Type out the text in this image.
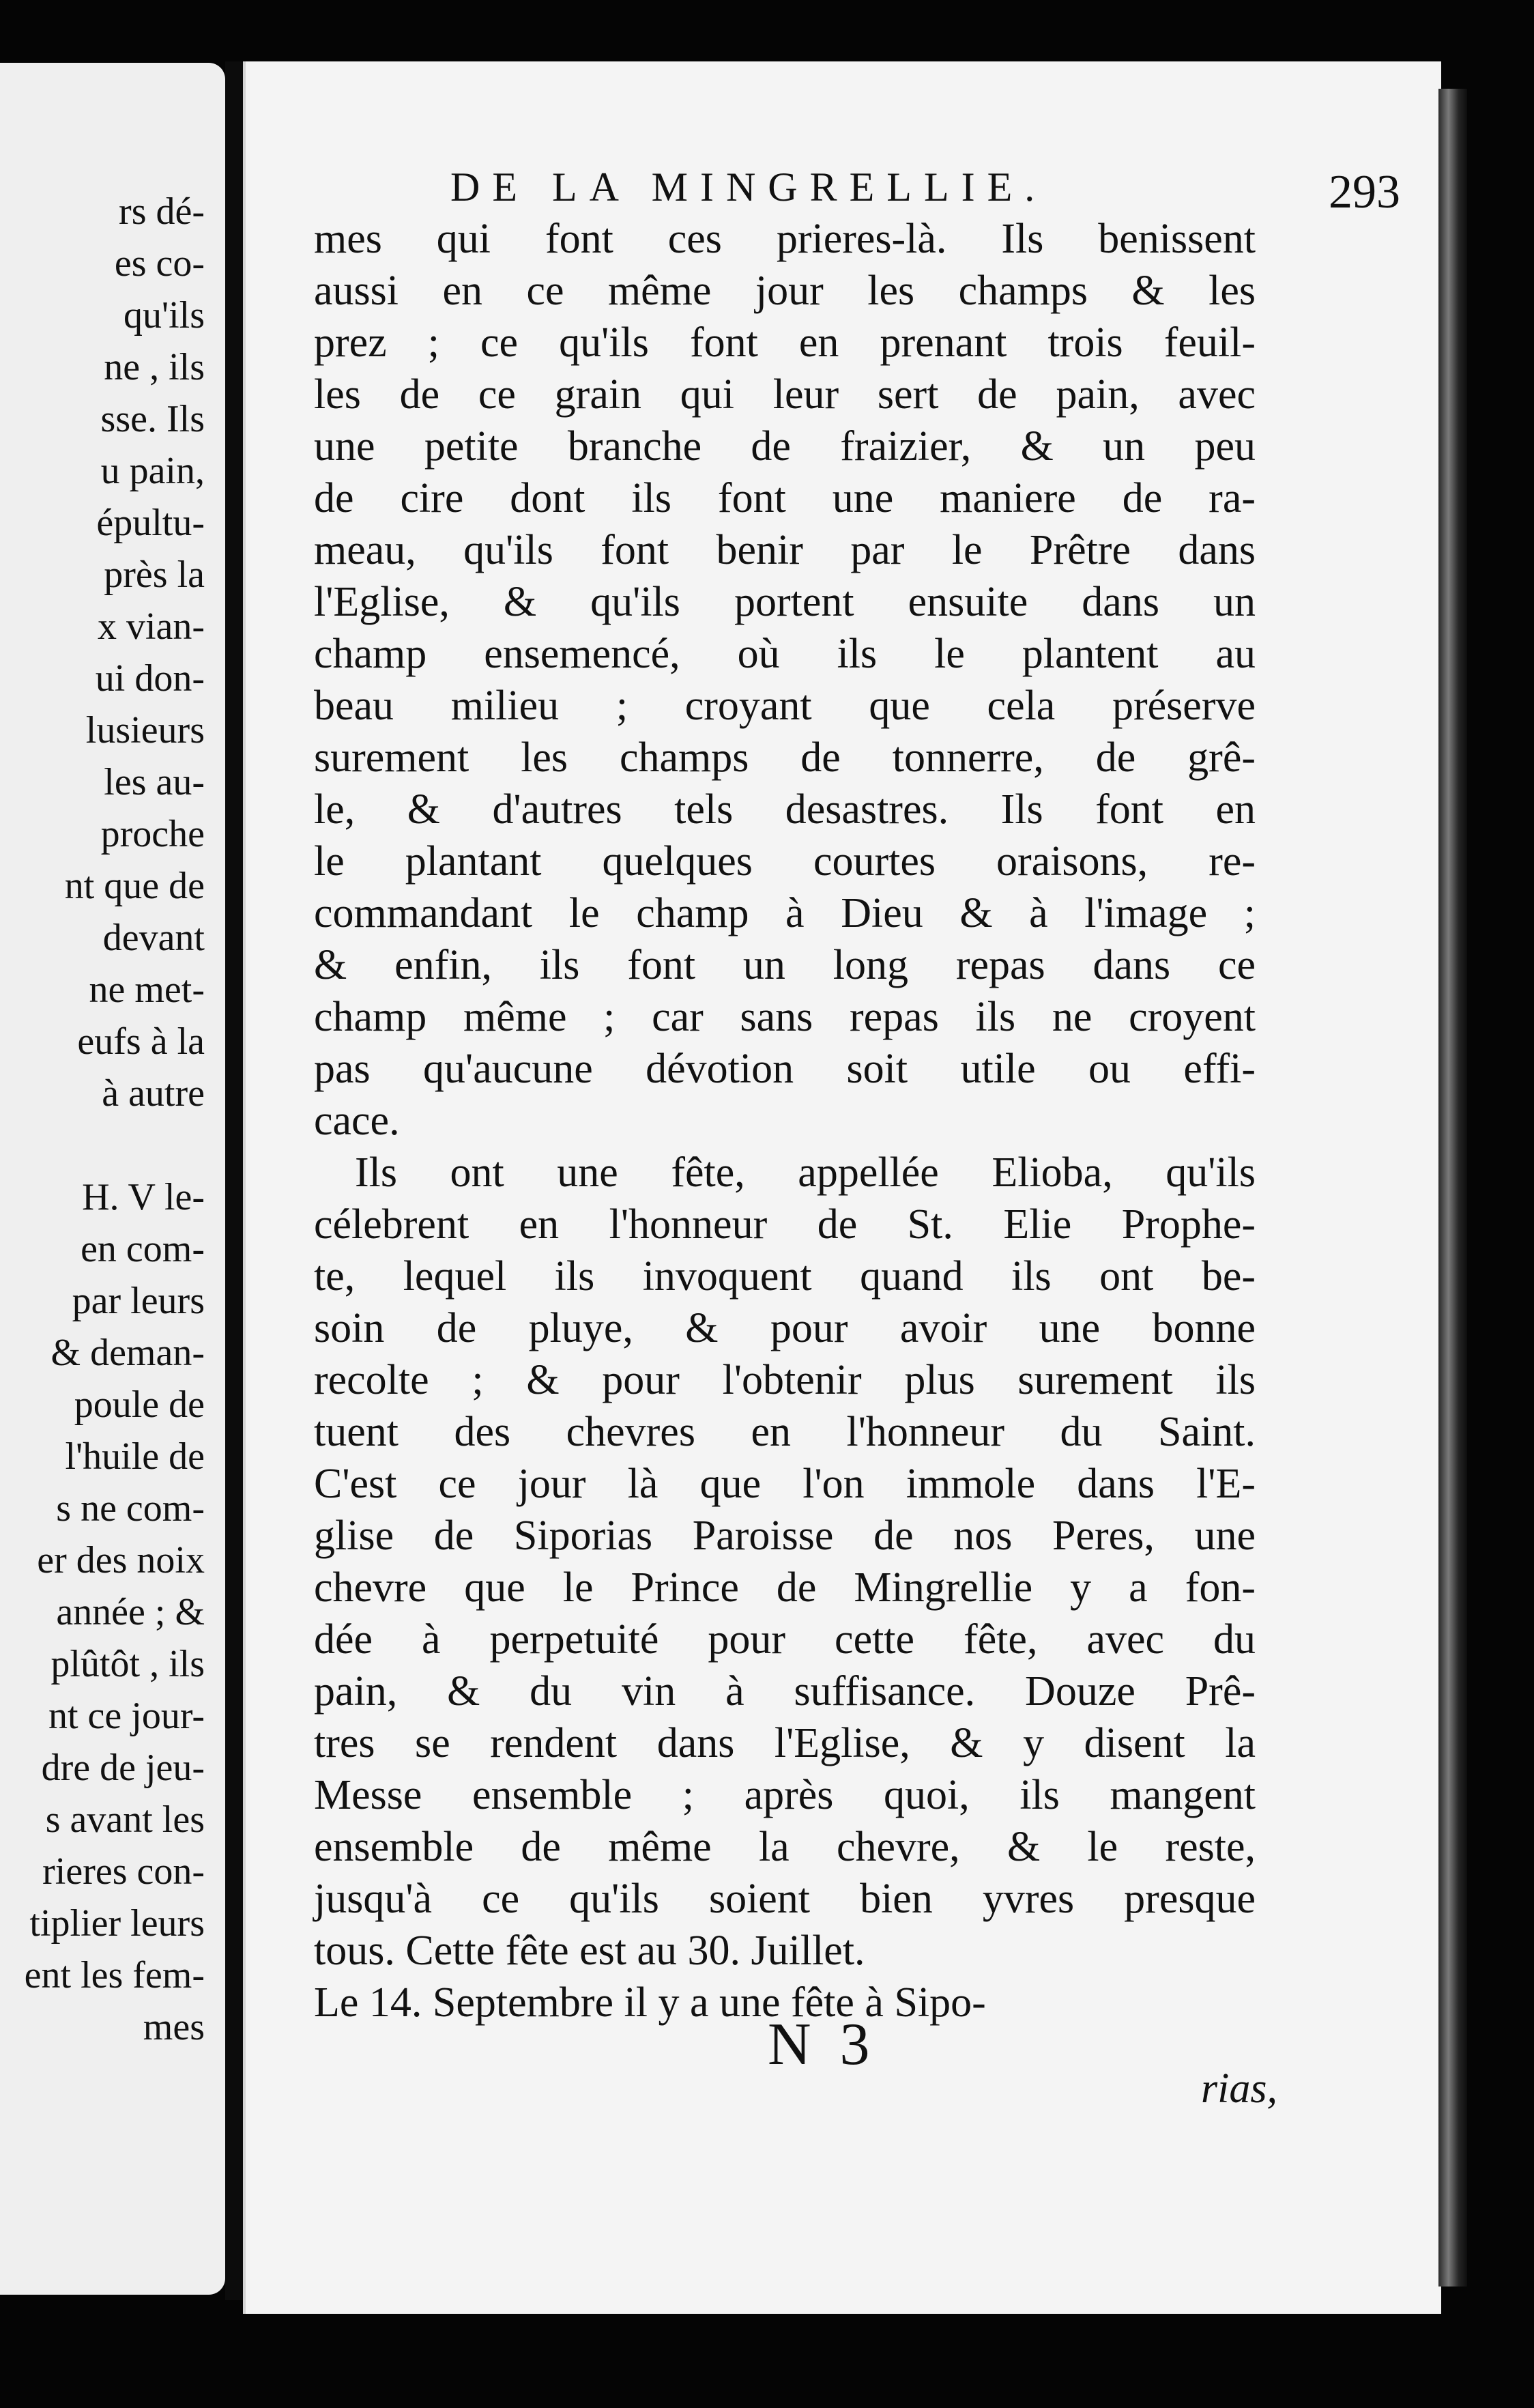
rs dé-
es co-
qu'ils
ne , ils
sse. Ils
u pain,
épultu-
près la
x vian-
ui don-
lusieurs
les au-
proche
nt que de
devant
ne met-
eufs à la
à autre
H. V le-
en com-
par leurs
& deman-
poule de
l'huile de
s ne com-
er des noix
année ; &
plûtôt , ils
nt ce jour-
dre de jeu-
s avant les
rieres con-
tiplier leurs
ent les fem-
mes
DE LA MINGRELLIE.	293
mes qui font ces prieres-là. Ils benissent
aussi en ce même jour les champs & les
prez ; ce qu'ils font en prenant trois feuil-
les de ce grain qui leur sert de pain, avec
une petite branche de fraizier, & un peu
de cire dont ils font une maniere de ra-
meau, qu'ils font benir par le Prêtre dans
l'Eglise, & qu'ils portent ensuite dans un
champ ensemencé, où ils le plantent au
beau milieu ; croyant que cela préserve
surement les champs de tonnerre, de grê-
le, & d'autres tels desastres. Ils font en
le plantant quelques courtes oraisons, re-
commandant le champ à Dieu & à l'image ;
& enfin, ils font un long repas dans ce
champ même ; car sans repas ils ne croyent
pas qu'aucune dévotion soit utile ou effi-
cace.
Ils ont une fête, appellée Elioba, qu'ils
célebrent en l'honneur de St. Elie Prophe-
te, lequel ils invoquent quand ils ont be-
soin de pluye, & pour avoir une bonne
recolte ; & pour l'obtenir plus surement ils
tuent des chevres en l'honneur du Saint.
C'est ce jour là que l'on immole dans l'E-
glise de Siporias Paroisse de nos Peres, une
chevre que le Prince de Mingrellie y a fon-
dée à perpetuité pour cette fête, avec du
pain, & du vin à suffisance. Douze Prê-
tres se rendent dans l'Eglise, & y disent la
Messe ensemble ; après quoi, ils mangent
ensemble de même la chevre, & le reste,
jusqu'à ce qu'ils soient bien yvres presque
tous. Cette fête est au 30. Juillet.
Le 14. Septembre il y a une fête à Sipo-
N 3
rias,
